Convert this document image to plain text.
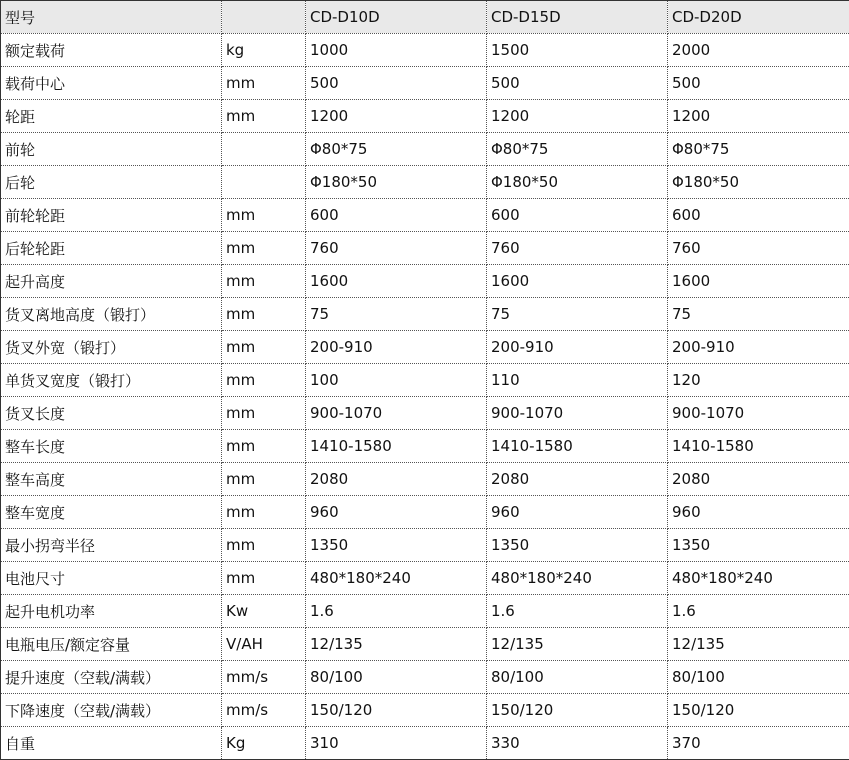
型号		CD-D10D	CD-D15D	CD-D20D
额定载荷	kg	1000	1500	2000
载荷中心	mm	500	500	500
轮距	mm	1200	1200	1200
前轮		Φ80*75	Φ80*75	Φ80*75
后轮		Φ180*50	Φ180*50	Φ180*50
前轮轮距	mm	600	600	600
后轮轮距	mm	760	760	760
起升高度	mm	1600	1600	1600
货叉离地高度（锻打）	mm	75	75	75
货叉外宽（锻打）	mm	200-910	200-910	200-910
单货叉宽度（锻打）	mm	100	110	120
货叉长度	mm	900-1070	900-1070	900-1070
整车长度	mm	1410-1580	1410-1580	1410-1580
整车高度	mm	2080	2080	2080
整车宽度	mm	960	960	960
最小拐弯半径	mm	1350	1350	1350
电池尺寸	mm	480*180*240	480*180*240	480*180*240
起升电机功率	Kw	1.6	1.6	1.6
电瓶电压/额定容量	V/AH	12/135	12/135	12/135
提升速度（空载/满载）	mm/s	80/100	80/100	80/100
下降速度（空载/满载）	mm/s	150/120	150/120	150/120
自重	Kg	310	330	370
